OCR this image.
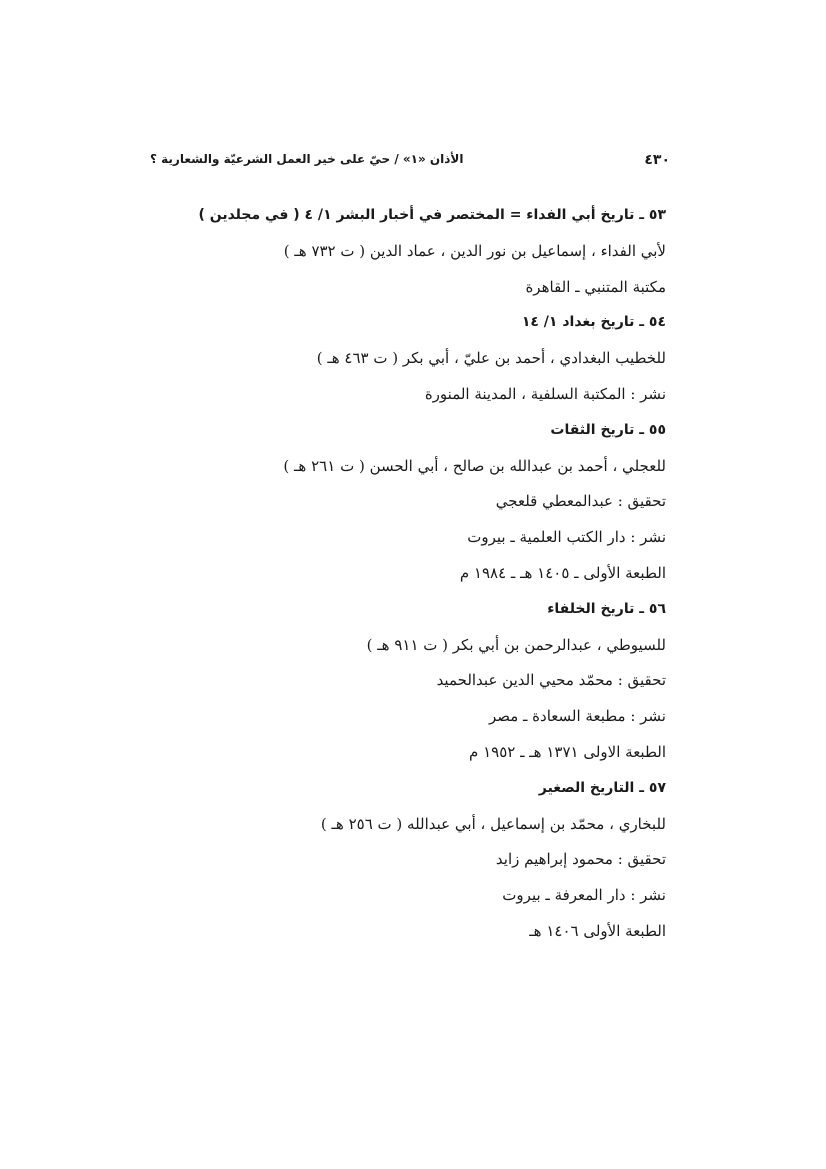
٤٣٠
الأذان «١» / حيّ على خير العمل الشرعيّة والشعارية ؟
٥٣ ـ تاريخ أبي الفداء = المختصر في أخبار البشر ١/ ٤ ( في مجلدين )
لأبي الفداء ، إسماعيل بن نور الدين ، عماد الدين ( ت ٧٣٢ هـ )
مكتبة المتنبي ـ القاهرة
٥٤ ـ تاريخ بغداد ١/ ١٤
للخطيب البغدادي ، أحمد بن عليّ ، أبي بكر ( ت ٤٦٣ هـ )
نشر : المكتبة السلفية ، المدينة المنورة
٥٥ ـ تاريخ الثقات
للعجلي ، أحمد بن عبدالله بن صالح ، أبي الحسن ( ت ٢٦١ هـ )
تحقيق : عبدالمعطي قلعجي
نشر : دار الكتب العلمية ـ بيروت
الطبعة الأولى ـ ١٤٠٥ هـ ـ ١٩٨٤ م
٥٦ ـ تاريخ الخلفاء
للسيوطي ، عبدالرحمن بن أبي بكر ( ت ٩١١ هـ )
تحقيق : محمّد محيي الدين عبدالحميد
نشر : مطبعة السعادة ـ مصر
الطبعة الاولى ١٣٧١ هـ ـ ١٩٥٢ م
٥٧ ـ التاريخ الصغير
للبخاري ، محمّد بن إسماعيل ، أبي عبدالله ( ت ٢٥٦ هـ )
تحقيق : محمود إبراهيم زايد
نشر : دار المعرفة ـ بيروت
الطبعة الأولى ١٤٠٦ هـ
